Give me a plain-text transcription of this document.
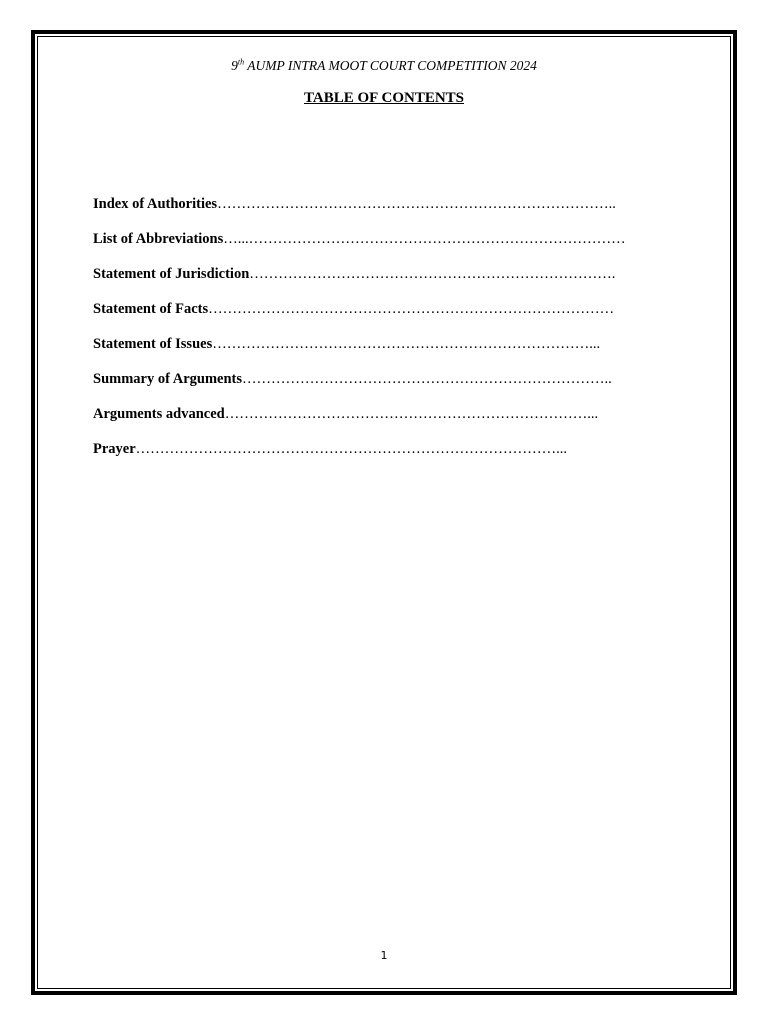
9th AUMP INTRA MOOT COURT COMPETITION 2024
TABLE OF CONTENTS
Index of Authorities………………………………………………………………………..
List of Abbreviations…...……………………………………………………………………
Statement of Jurisdiction………………………………………………………………….
Statement of Facts…………………………………………………………………………
Statement of Issues……………………………………………………………………...
Summary of Arguments…………………………………………………………………..
Arguments advanced…………………………………………………………………...
Prayer……………………………………………………………………………...
1
